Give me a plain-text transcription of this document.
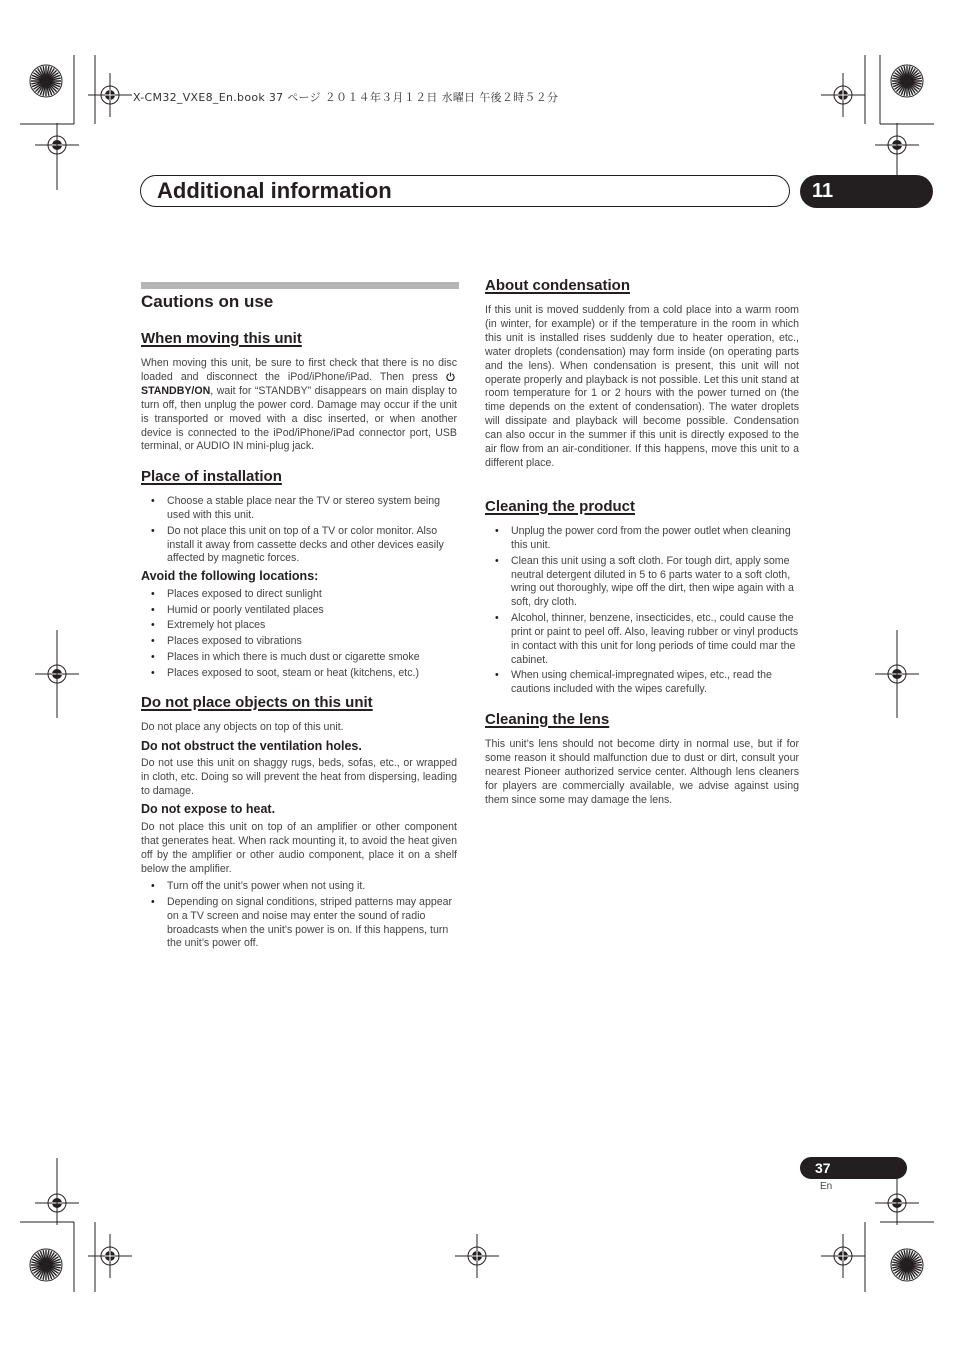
X-CM32_VXE8_En.book 37 ページ ２０１４年３月１２日 水曜日 午後２時５２分
Additional information	11
Cautions on use
When moving this unit
When moving this unit, be sure to first check that there is no disc loaded and disconnect the iPod/iPhone/iPad. Then press STANDBY/ON, wait for “STANDBY” disappears on main display to turn off, then unplug the power cord. Damage may occur if the unit is transported or moved with a disc inserted, or when another device is connected to the iPod/iPhone/iPad connector port, USB terminal, or AUDIO IN mini-plug jack.
Place of installation
• Choose a stable place near the TV or stereo system being used with this unit.
• Do not place this unit on top of a TV or color monitor. Also install it away from cassette decks and other devices easily affected by magnetic forces.
Avoid the following locations:
• Places exposed to direct sunlight
• Humid or poorly ventilated places
• Extremely hot places
• Places exposed to vibrations
• Places in which there is much dust or cigarette smoke
• Places exposed to soot, steam or heat (kitchens, etc.)
Do not place objects on this unit
Do not place any objects on top of this unit.
Do not obstruct the ventilation holes.
Do not use this unit on shaggy rugs, beds, sofas, etc., or wrapped in cloth, etc. Doing so will prevent the heat from dispersing, leading to damage.
Do not expose to heat.
Do not place this unit on top of an amplifier or other component that generates heat. When rack mounting it, to avoid the heat given off by the amplifier or other audio component, place it on a shelf below the amplifier.
• Turn off the unit’s power when not using it.
• Depending on signal conditions, striped patterns may appear on a TV screen and noise may enter the sound of radio broadcasts when the unit’s power is on. If this happens, turn the unit’s power off.
About condensation
If this unit is moved suddenly from a cold place into a warm room (in winter, for example) or if the temperature in the room in which this unit is installed rises suddenly due to heater operation, etc., water droplets (condensation) may form inside (on operating parts and the lens). When condensation is present, this unit will not operate properly and playback is not possible. Let this unit stand at room temperature for 1 or 2 hours with the power turned on (the time depends on the extent of condensation). The water droplets will dissipate and playback will become possible. Condensation can also occur in the summer if this unit is directly exposed to the air flow from an air-conditioner. If this happens, move this unit to a different place.
Cleaning the product
• Unplug the power cord from the power outlet when cleaning this unit.
• Clean this unit using a soft cloth. For tough dirt, apply some neutral detergent diluted in 5 to 6 parts water to a soft cloth, wring out thoroughly, wipe off the dirt, then wipe again with a soft, dry cloth.
• Alcohol, thinner, benzene, insecticides, etc., could cause the print or paint to peel off. Also, leaving rubber or vinyl products in contact with this unit for long periods of time could mar the cabinet.
• When using chemical-impregnated wipes, etc., read the cautions included with the wipes carefully.
Cleaning the lens
This unit’s lens should not become dirty in normal use, but if for some reason it should malfunction due to dust or dirt, consult your nearest Pioneer authorized service center. Although lens cleaners for players are commercially available, we advise against using them since some may damage the lens.
37
En
